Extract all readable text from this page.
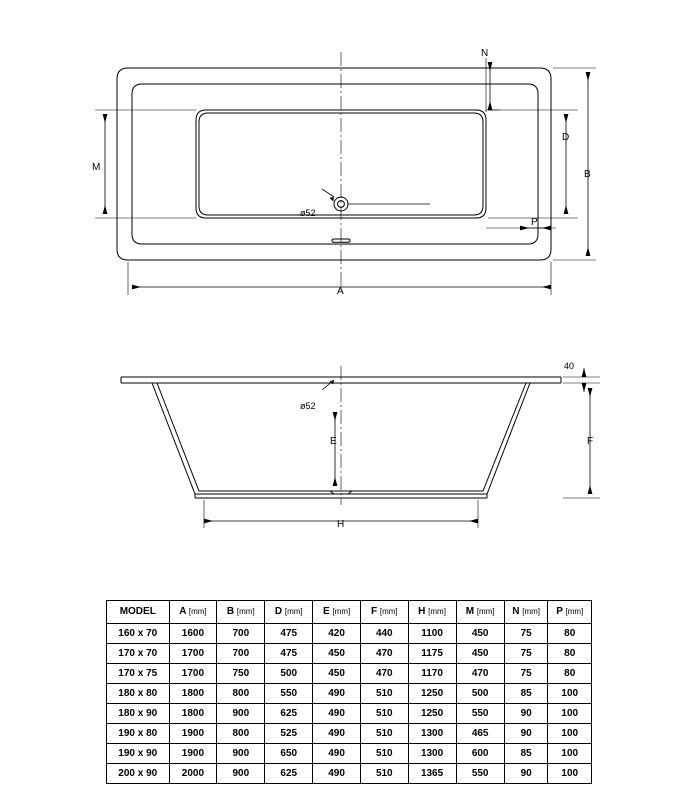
N
D
B
M
P
A
ø52
40
F
E
H
ø52
MODEL	A [mm]	B [mm]	D [mm]	E [mm]	F [mm]	H [mm]	M [mm]	N [mm]	P [mm]
160 x 70	1600	700	475	420	440	1100	450	75	80
170 x 70	1700	700	475	450	470	1175	450	75	80
170 x 75	1700	750	500	450	470	1170	470	75	80
180 x 80	1800	800	550	490	510	1250	500	85	100
180 x 90	1800	900	625	490	510	1250	550	90	100
190 x 80	1900	800	525	490	510	1300	465	90	100
190 x 90	1900	900	650	490	510	1300	600	85	100
200 x 90	2000	900	625	490	510	1365	550	90	100
